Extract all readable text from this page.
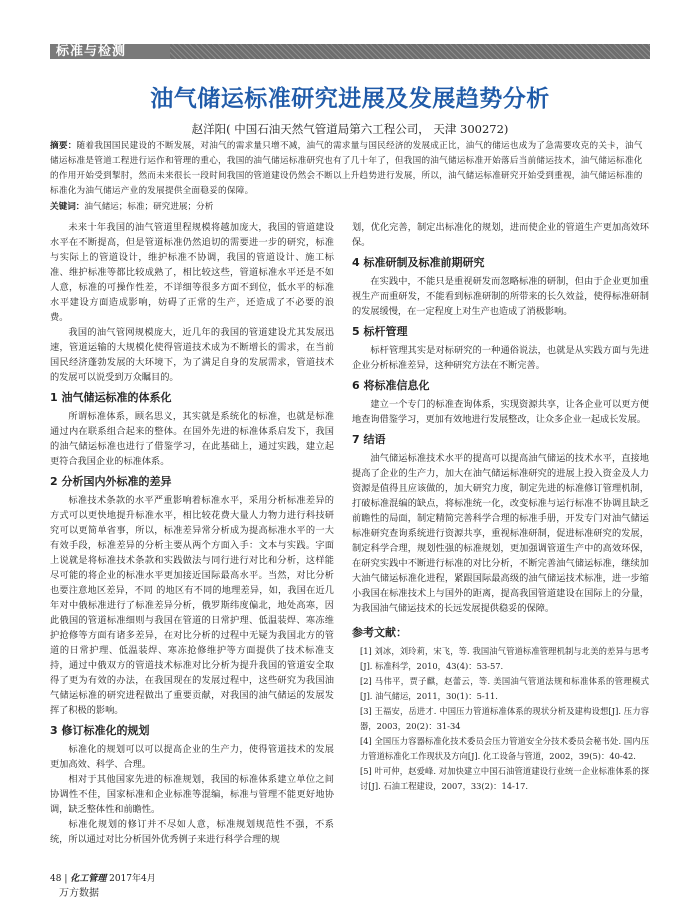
标准与检测
油气储运标准研究进展及发展趋势分析
赵洋阳( 中国石油天然气管道局第六工程公司， 天津 300272)
摘要：随着我国国民建设的不断发展，对油气的需求量只增不减，油气的需求量与国民经济的发展成正比，油气的储运也成为了急需要攻克的关卡，油气储运标准是管道工程进行运作和管理的重心，我国的油气储运标准研究也有了几十年了，但我国的油气储运标准开始落后当前储运技术，油气储运标准化的作用开始受到掣肘，然而未来很长一段时间我国的管道建设仍然会不断以上升趋势进行发展，所以，油气储运标准研究开始受到重视，油气储运标准的标准化为油气储运产业的发展提供全面稳妥的保障。
关键词：油气储运；标准；研究进展；分析

未来十年我国的油气管道里程规模将越加庞大，我国的管道建设水平在不断提高，但是管道标准仍然追切的需要进一步的研究，标准与实际上的管道设计，维护标准不协调，我国的管道设计、施工标准、维护标准等都比较成熟了，相比较这些，管道标准水平还是不如人意，标准的可操作性差，不详细等很多方面不到位，低水平的标准水平建设方面造成影响，妨碍了正常的生产，还造成了不必要的浪费。

我国的油气管网规模庞大，近几年的我国的管道建设尤其发展迅速，管道运输的大规模化使得管道技术成为不断增长的需求，在当前国民经济蓬勃发展的大环境下，为了满足自身的发展需求，管道技术的发展可以说受到万众瞩目的。

1 油气储运标准的体系化

所谓标准体系，顾名思义，其实就是系统化的标准，也就是标准通过内在联系组合起来的整体。在国外先进的标准体系启发下，我国的油气储运标准也进行了借鉴学习，在此基础上，通过实践，建立起更符合我国企业的标准体系。

2 分析国内外标准的差异

标准技术条款的水平严重影响着标准水平，采用分析标准差异的方式可以更快地提升标准水平，相比较花费大量人力物力进行科技研究可以更简单省事，所以，标准差异常分析成为提高标准水平的一大有效手段，标准差异的分析主要从两个方面入手：文本与实践。字面上说就是将标准技术条款和实践做法与同行进行对比和分析，这样能尽可能的将企业的标准水平更加接近国际最高水平。当然，对比分析也要注意地区差异，不同 的地区有不同的地理差异，如，我国在近几年对中俄标准进行了标准差异分析，俄罗斯纬度偏北，地处高寒，因此俄国的管道标准细则与我国在管道的日常护理、低温装焊、寒冻维护抢修等方面有诸多差异，在对比分析的过程中无疑为我国北方的管道的日常护理、低温装焊、寒冻抢修维护等方面提供了技术标准支持，通过中俄双方的管道技术标准对比分析为提升我国的管道安全取得了更为有效的办法，在我国现在的发展过程中，这些研究为我国油气储运标准的研究进程做出了重要贡献，对我国的油气储运的发展发挥了积极的影响。

3 修订标准化的规划

标准化的规划可以可以提高企业的生产力，使得管道技术的发展更加高效、科学、合理。

相对于其他国家先进的标准规划，我国的标准体系建立单位之间协调性不佳，国家标准和企业标准等混编，标准与管理不能更好地协调，缺乏整体性和前瞻性。

标准化规划的修订并不尽如人意，标准规划规范性不强，不系统，所以通过对比分析国外优秀例子来进行科学合理的规

划，优化完善，制定出标准化的规划，进而使企业的管道生产更加高效环保。

4 标准研制及标准前期研究

在实践中，不能只是重视研发而忽略标准的研制，但由于企业更加重视生产而重研发，不能看到标准研制的所带来的长久效益，使得标准研制的发展缓慢，在一定程度上对生产也造成了消极影响。

5 标杆管理

标杆管理其实是对标研究的一种通俗说法，也就是从实践方面与先进企业分析标准差异，这种研究方法在不断完善。

6 将标准信息化

建立一个专门的标准查询体系，实现资源共享，让各企业可以更方便地查询借鉴学习，更加有效地进行发展整改，让众多企业一起成长发展。

7 结语

油气储运标准技术水平的提高可以提高油气储运的技术水平，直接地提高了企业的生产力，加大在油气储运标准研究的进展上投入资金及人力资源是值得且应该做的，加大研究力度，制定先进的标准修订管理机制，打破标准混编的缺点，将标准统一化，改变标准与运行标准不协调且缺乏前瞻性的局面，制定精简完善科学合理的标准手册，开发专门对油气储运标准研究查询系统进行资源共享，重视标准研制，促进标准研究的发展，制定科学合理，规划性强的标准规划，更加强调管道生产中的高效环保，在研究实践中不断进行标准的对比分析，不断完善油气储运标准，继续加大油气储运标准化进程，紧跟国际最高级的油气储运技术标准，进一步缩小我国在标准技术上与国外的距离，提高我国管道建设在国际上的分量，为我国油气储运技术的长远发展提供稳妥的保障。

参考文献：

[1] 刘冰，刘玲莉，宋飞，等. 我国油气管道标准管理机制与北美的差异与思考[J]. 标准科学，2010，43(4)：53-57.

[2] 马伟平，贾子麒，赵蕾云，等. 美国油气管道法规和标准体系的管理模式[J]. 油气储运，2011，30(1)：5-11.

[3] 王福安，岳进才. 中国压力管道标准体系的现状分析及建构设想[J]. 压力容器，2003，20(2)：31-34

[4] 全国压力容器标准化技术委员会压力管道安全分技术委员会秘书处. 国内压力管道标准化工作现状及方向[J]. 化工设备与管道，2002，39(5)：40-42.

[5] 叶可仲，赵爱峰. 对加快建立中国石油管道建设行业统一企业标准体系的探讨[J]. 石油工程建设，2007，33(2)：14-17.

48 | 化工管理 2017年4月
万方数据
